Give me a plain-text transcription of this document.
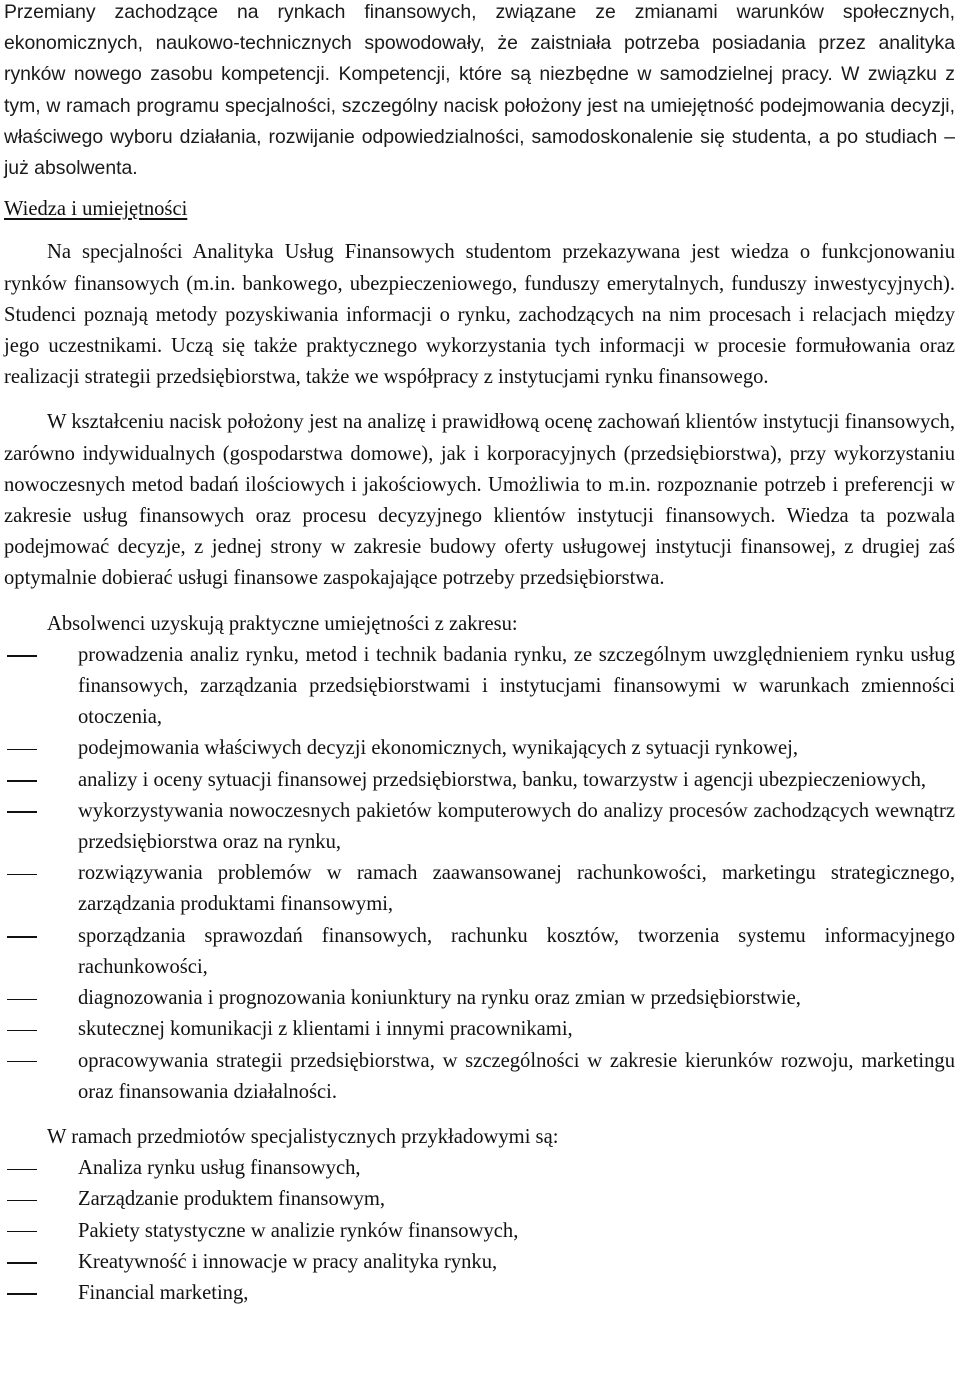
Przemiany zachodzące na rynkach finansowych, związane ze zmianami warunków społecznych, ekonomicznych, naukowo-technicznych spowodowały, że zaistniała potrzeba posiadania przez analityka rynków nowego zasobu kompetencji. Kompetencji, które są niezbędne w samodzielnej pracy. W związku z tym, w ramach programu specjalności, szczególny nacisk położony jest na umiejętność podejmowania decyzji, właściwego wyboru działania, rozwijanie odpowiedzialności, samodoskonalenie się studenta, a po studiach – już absolwenta.

Wiedza i umiejętności

Na specjalności Analityka Usług Finansowych studentom przekazywana jest wiedza o funkcjonowaniu rynków finansowych (m.in. bankowego, ubezpieczeniowego, funduszy emerytalnych, funduszy inwestycyjnych). Studenci poznają metody pozyskiwania informacji o rynku, zachodzących na nim procesach i relacjach między jego uczestnikami. Uczą się także praktycznego wykorzystania tych informacji w procesie formułowania oraz realizacji strategii przedsiębiorstwa, także we współpracy z instytucjami rynku finansowego.

W kształceniu nacisk położony jest na analizę i prawidłową ocenę zachowań klientów instytucji finansowych, zarówno indywidualnych (gospodarstwa domowe), jak i korporacyjnych (przedsiębiorstwa), przy wykorzystaniu nowoczesnych metod badań ilościowych i jakościowych. Umożliwia to m.in. rozpoznanie potrzeb i preferencji w zakresie usług finansowych oraz procesu decyzyjnego klientów instytucji finansowych. Wiedza ta pozwala podejmować decyzje, z jednej strony w zakresie budowy oferty usługowej instytucji finansowej, z drugiej zaś optymalnie dobierać usługi finansowe zaspokajające potrzeby przedsiębiorstwa.

Absolwenci uzyskują praktyczne umiejętności z zakresu:

prowadzenia analiz rynku, metod i technik badania rynku, ze szczególnym uwzględnieniem rynku usług finansowych, zarządzania przedsiębiorstwami i instytucjami finansowymi w warunkach zmienności otoczenia,
podejmowania właściwych decyzji ekonomicznych, wynikających z sytuacji rynkowej,
analizy i oceny sytuacji finansowej przedsiębiorstwa, banku, towarzystw i agencji ubezpieczeniowych,
wykorzystywania nowoczesnych pakietów komputerowych do analizy procesów zachodzących wewnątrz przedsiębiorstwa oraz na rynku,
rozwiązywania problemów w ramach zaawansowanej rachunkowości, marketingu strategicznego, zarządzania produktami finansowymi,
sporządzania sprawozdań finansowych, rachunku kosztów, tworzenia systemu informacyjnego rachunkowości,
diagnozowania i prognozowania koniunktury na rynku oraz zmian w przedsiębiorstwie,
skutecznej komunikacji z klientami i innymi pracownikami,
opracowywania strategii przedsiębiorstwa, w szczególności w zakresie kierunków rozwoju, marketingu oraz finansowania działalności.

W ramach przedmiotów specjalistycznych przykładowymi są:

Analiza rynku usług finansowych,
Zarządzanie produktem finansowym,
Pakiety statystyczne w analizie rynków finansowych,
Kreatywność i innowacje w pracy analityka rynku,
Financial marketing,
